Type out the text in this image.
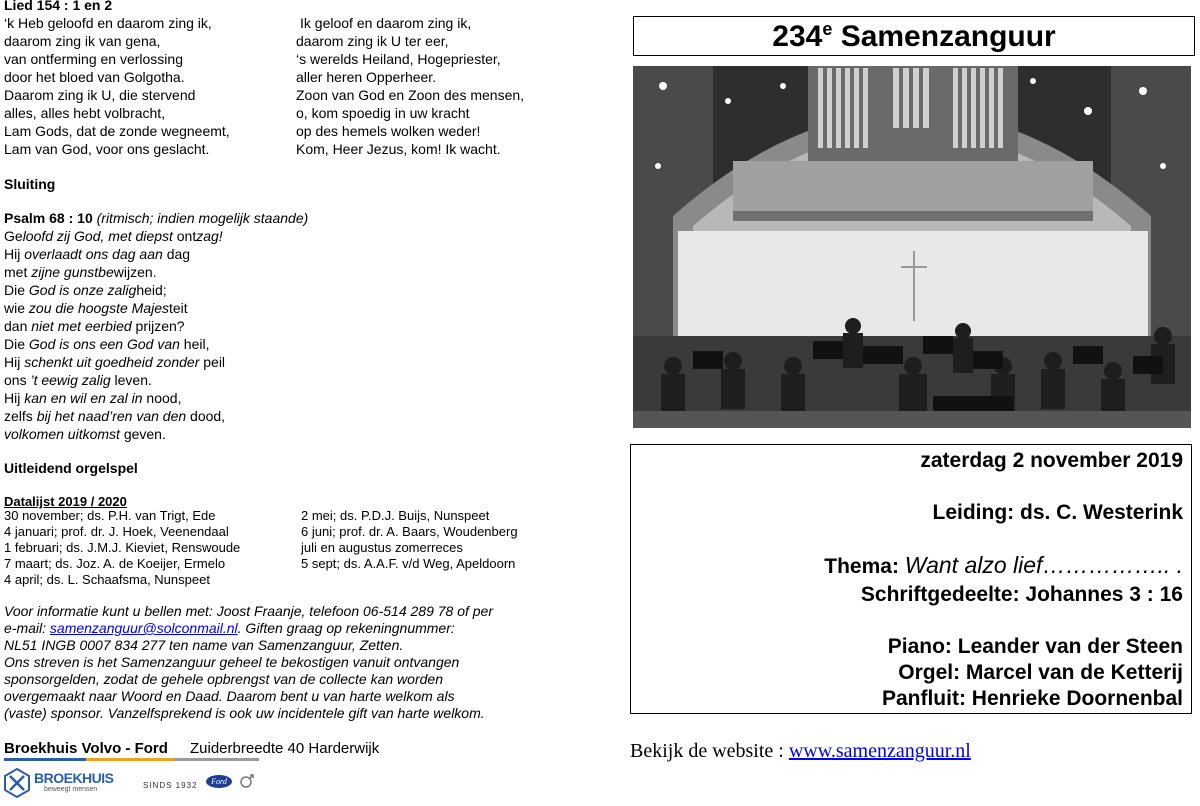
Lied 154 : 1 en 2
‘k Heb geloofd en daarom zing ik,
daarom zing ik van gena,
van ontferming en verlossing
door het bloed van Golgotha.
Daarom zing ik U, die stervend
alles, alles hebt volbracht,
Lam Gods, dat de zonde wegneemt,
Lam van God, voor ons geslacht.
Ik geloof en daarom zing ik,
daarom zing ik U ter eer,
‘s werelds Heiland, Hogepriester,
aller heren Opperheer.
Zoon van God en Zoon des mensen,
o, kom spoedig in uw kracht
op des hemels wolken weder!
Kom, Heer Jezus, kom! Ik wacht.
Sluiting
Psalm 68 : 10 (ritmisch; indien mogelijk staande)
Geloofd zij God, met diepst ontzag!
Hij overlaadt ons dag aan dag
met zijne gunstbewijzen.
Die God is onze zaligheid;
wie zou die hoogste Majesteit
dan niet met eerbied prijzen?
Die God is ons een God van heil,
Hij schenkt uit goedheid zonder peil
ons ’t eewig zalig leven.
Hij kan en wil en zal in nood,
zelfs bij het naad’ren van den dood,
volkomen uitkomst geven.
Uitleidend orgelspel
Datalijst 2019 / 2020
30 november; ds. P.H. van Trigt, Ede
4 januari; prof. dr. J. Hoek, Veenendaal
1 februari; ds. J.M.J. Kieviet, Renswoude
7 maart; ds. Joz. A. de Koeijer, Ermelo
4 april; ds. L. Schaafsma, Nunspeet
2 mei; ds. P.D.J. Buijs, Nunspeet
6 juni; prof. dr. A. Baars, Woudenberg
juli en augustus zomerreces
5 sept; ds. A.A.F. v/d Weg, Apeldoorn
Voor informatie kunt u bellen met: Joost Fraanje, telefoon 06-514 289 78 of per
e-mail: samenzanguur@solconmail.nl. Giften graag op rekeningnummer:
NL51 INGB 0007 834 277 ten name van Samenzanguur, Zetten.
Ons streven is het Samenzanguur geheel te bekostigen vanuit ontvangen
sponsorgelden, zodat de gehele opbrengst van de collecte kan worden
overgemaakt naar Woord en Daad. Daarom bent u van harte welkom als
(vaste) sponsor. Vanzelfsprekend is ook uw incidentele gift van harte welkom.
Broekhuis Volvo - Ford Zuiderbreedte 40 Harderwijk
BROEKHUIS
beweegt mensen	SINDS 1932	Ford
234e Samenzanguur
zaterdag 2 november 2019
Leiding: ds. C. Westerink
Thema: Want alzo lief…………….. .
Schriftgedeelte: Johannes 3 : 16
Piano: Leander van der Steen
Orgel: Marcel van de Ketterij
Panfluit: Henrieke Doornenbal
Bekijk de website : www.samenzanguur.nl
